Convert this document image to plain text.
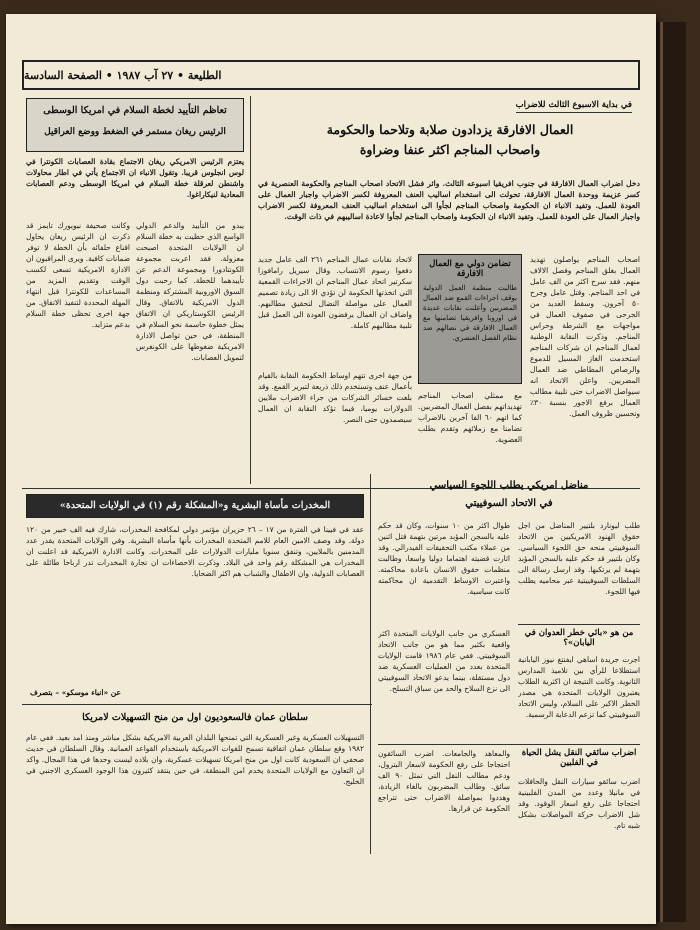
الطليعة • ٢٧ آب ١٩٨٧ • الصفحة السادسة
تعاظم التأييد لخطة السلام في امريكا الوسطى
الرئيس ريغان مستمر في الضغط ووضع العراقيل
يعتزم الرئيس الامريكي ريغان الاجتماع بقادة العصابات الكونترا في لوس انجلوس قريبا. وتقول الانباء ان الاجتماع يأتي في اطار محاولات واشنطن لعرقلة خطة السلام في امريكا الوسطى ودعم العصابات المعادية لنيكاراغوا.
يبدو من التأييد والدعم الدولي الواسع الذي حظيت به خطة السلام ان الولايات المتحدة اصبحت معزولة. فقد اعربت مجموعة الكونتادورا ومجموعة الدعم عن تأييدهما للخطة. كما رحبت دول السوق الاوروبية المشتركة ومنظمة الدول الامريكية بالاتفاق. وقال الرئيس الكوستاريكي ان الاتفاق يمثل خطوة حاسمة نحو السلام في المنطقة، في حين تواصل الادارة الامريكية ضغوطها على الكونغرس لتمويل العصابات.
وكانت صحيفة نيويورك تايمز قد ذكرت ان الرئيس ريغان يحاول اقناع حلفائه بأن الخطة لا توفر ضمانات كافية. ويرى المراقبون ان الادارة الامريكية تسعى لكسب الوقت وتقديم المزيد من المساعدات للكونترا قبل انتهاء المهلة المحددة لتنفيذ الاتفاق. من جهة اخرى تحظى خطة السلام بدعم متزايد.
في بداية الاسبوع الثالث للاضراب
العمال الافارقة يزدادون صلابة وتلاحما والحكومة
واصحاب المناجم اكثر عنفا وضراوة
دخل اضراب العمال الافارقة في جنوب افريقيا اسبوعه الثالث. واثر فشل الاتحاد اصحاب المناجم والحكومة العنصرية في كسر عزيمة ووحدة العمال الافارقة، تحولت الى استخدام اساليب العنف المعروفة لكسر الاضراب واجبار العمال على العودة للعمل. وتفيد الانباء ان الحكومة واصحاب المناجم لجأوا الى استخدام اساليب العنف المعروفة لكسر الاضراب واجبار العمال على العودة للعمل. وتفيد الانباء ان الحكومة واصحاب المناجم لجأوا لاعادة اساليبهم في ذات الوقت.
اصحاب المناجم يواصلون تهديد العمال بغلق المناجم وفصل الالاف منهم. فقد سرح اكثر من الف عامل في احد المناجم. وقتل عامل وجرح ٥٠ آخرون. وسقط العديد من الجرحى في صفوف العمال في مواجهات مع الشرطة وحراس المناجم. وذكرت النقابة الوطنية لعمال المناجم ان شركات المناجم استخدمت الغاز المسيل للدموع والرصاص المطاطي ضد العمال المضربين. واعلن الاتحاد انه سيواصل الاضراب حتى تلبية مطالب العمال برفع الاجور بنسبة ٣٠٪ وتحسين ظروف العمل.
تضامن دولي مع العمال الافارقة
طالبت منظمة العمل الدولية بوقف اجراءات القمع ضد العمال المضربين وأعلنت نقابات عديدة في اوروبا وافريقيا تضامنها مع العمال الافارقة في نضالهم ضد نظام الفصل العنصري.
مع ممثلي اصحاب المناجم تهديداتهم بفصل العمال المضربين. كما اتهم ٦٠ الفا آخرين بالاضراب تضامنا مع زملائهم وتقدم بطلب العضوية.
لاتحاد نقابات عمال المناجم ٢٦١ الف عامل جديد دفعوا رسوم الانتساب. وقال سيريل رامافوزا سكرتير اتحاد عمال المناجم ان الاجراءات القمعية التي اتخذتها الحكومة لن تؤدي الا الى زيادة تصميم العمال على مواصلة النضال لتحقيق مطالبهم. واضاف ان العمال يرفضون العودة الى العمل قبل تلبية مطالبهم كاملة.
من جهة اخرى تتهم اوساط الحكومة النقابة بالقيام بأعمال عنف وتستخدم ذلك ذريعة لتبرير القمع. وقد بلغت خسائر الشركات من جراء الاضراب ملايين الدولارات يوميا، فيما تؤكد النقابة ان العمال سيصمدون حتى النصر.
المخدرات مأساة البشرية و«المشكلة رقم (١) في الولايات المتحدة»
عقد في فيينا في الفترة من ١٧ – ٢٦ حزيران مؤتمر دولي لمكافحة المخدرات، شارك فيه الف خبير من ١٢٠ دولة. وقد وصف الامين العام للامم المتحدة المخدرات بأنها مأساة البشرية. وفي الولايات المتحدة يقدر عدد المدمنين بالملايين، وتنفق سنويا مليارات الدولارات على المخدرات. وكانت الادارة الامريكية قد اعلنت ان المخدرات هي المشكلة رقم واحد في البلاد. وذكرت الاحصاءات ان تجارة المخدرات تدر ارباحا طائلة على العصابات الدولية، وان الاطفال والشباب هم اكثر الضحايا.
عن «انباء موسكو» – بتصرف
سلطان عمان فالسعوديون اول من منح التسهيلات لامريكا
التسهيلات العسكرية وغير العسكرية التي تمنحها البلدان العربية الامريكية بشكل مباشر ومنذ امد بعيد. ففي عام ١٩٨٢ وقع سلطان عمان اتفاقية تسمح للقوات الامريكية باستخدام القواعد العمانية. وقال السلطان في حديث صحفي ان السعودية كانت اول من منح امريكا تسهيلات عسكرية، وان بلاده ليست وحدها في هذا المجال. واكد ان التعاون مع الولايات المتحدة يخدم امن المنطقة، في حين ينتقد كثيرون هذا الوجود العسكري الاجنبي في الخليج.
مناضل امريكي يطلب اللجوء السياسي
في الاتحاد السوفييتي
طلب ليونارد بلتيير المناضل من اجل حقوق الهنود الامريكيين من الاتحاد السوفييتي منحه حق اللجوء السياسي. وكان بلتيير قد حكم عليه بالسجن المؤبد بتهمة لم يرتكبها. وقد ارسل رسالة الى السلطات السوفييتية عبر محاميه يطلب فيها اللجوء.
طوال اكثر من ١٠ سنوات، وكان قد حكم عليه بالسجن المؤبد مرتين بتهمة قتل اثنين من عملاء مكتب التحقيقات الفيدرالي. وقد اثارت قضيته اهتماما دوليا واسعا، وطالبت منظمات حقوق الانسان باعادة محاكمته. واعتبرت الاوساط التقدمية ان محاكمته كانت سياسية.
العسكري من جانب الولايات المتحدة اكثر واقعية بكثير مما هو من جانب الاتحاد السوفييتي. ففي عام ١٩٨٦ قامت الولايات المتحدة بعدد من العمليات العسكرية ضد دول مستقلة، بينما يدعو الاتحاد السوفييتي الى نزع السلاح والحد من سباق التسلح.
من هو «بائي خطر العدوان في اليابان»؟
اجرت جريدة اساهي ايفنتغ نيوز اليابانية استطلاعا للرأي بين تلاميذ المدارس الثانوية. وكانت النتيجة ان اكثرية الطلاب يعتبرون الولايات المتحدة هي مصدر الخطر الاكبر على السلام، وليس الاتحاد السوفييتي كما تزعم الدعاية الرسمية.
اضراب سائقي النقل يشل الحياة في الفلبين
اضرب سائقو سيارات النقل والحافلات في مانيلا وعدد من المدن الفلبينية احتجاجا على رفع اسعار الوقود. وقد شل الاضراب حركة المواصلات بشكل شبه تام.
والمعاهد والجامعات. اضرب السائقون احتجاجا على رفع الحكومة لاسعار البترول، ودعم مطالب النقل التي تمثل ٩٠ الف سائق. وطالب المضربون بالغاء الزيادة، وهددوا بمواصلة الاضراب حتى تتراجع الحكومة عن قرارها.
